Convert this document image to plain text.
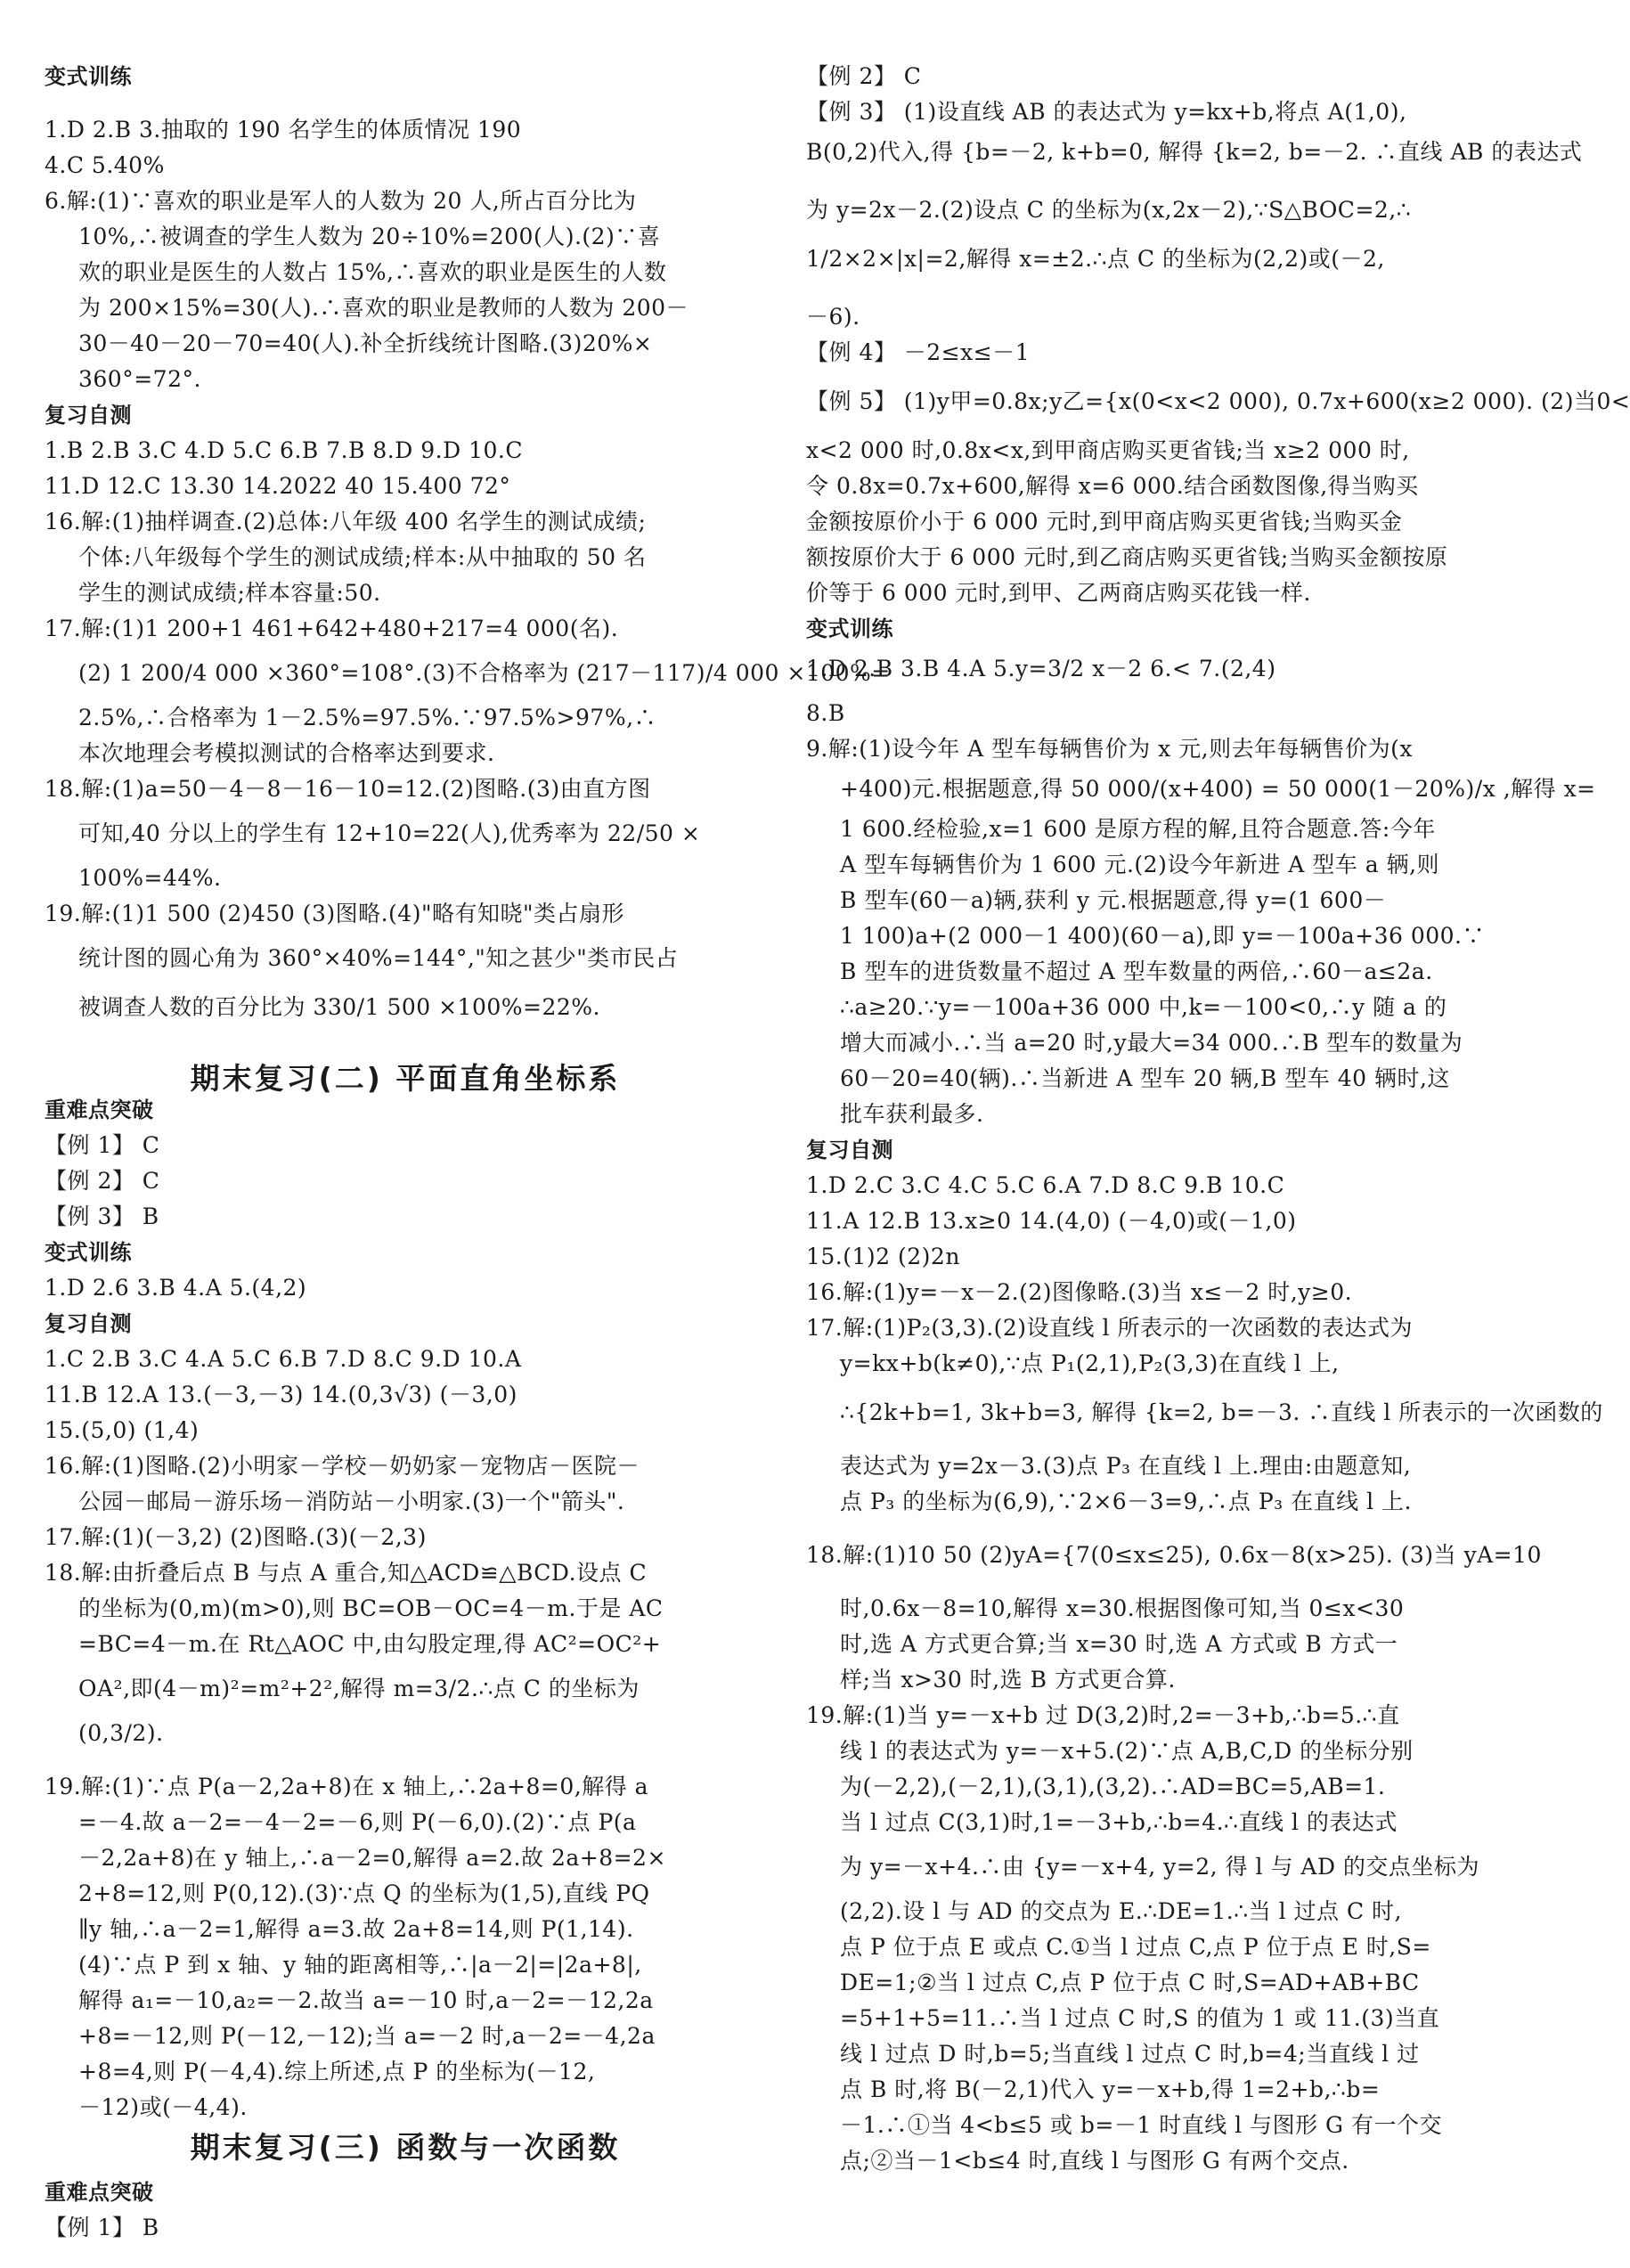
变式训练
1.D 2.B 3.抽取的 190 名学生的体质情况 190
4.C 5.40%
6.解:(1)∵喜欢的职业是军人的人数为 20 人,所占百分比为
10%,∴被调查的学生人数为 20÷10%=200(人).(2)∵喜
欢的职业是医生的人数占 15%,∴喜欢的职业是医生的人数
为 200×15%=30(人).∴喜欢的职业是教师的人数为 200－
30－40－20－70=40(人).补全折线统计图略.(3)20%×
360°=72°.
复习自测
1.B 2.B 3.C 4.D 5.C 6.B 7.B 8.D 9.D 10.C
11.D 12.C 13.30 14.2022 40 15.400 72°
16.解:(1)抽样调查.(2)总体:八年级 400 名学生的测试成绩;
个体:八年级每个学生的测试成绩;样本:从中抽取的 50 名
学生的测试成绩;样本容量:50.
17.解:(1)1 200+1 461+642+480+217=4 000(名).
(2) 1 200/4 000 ×360°=108°.(3)不合格率为 (217－117)/4 000 ×100%=
2.5%,∴合格率为 1－2.5%=97.5%.∵97.5%>97%,∴
本次地理会考模拟测试的合格率达到要求.
18.解:(1)a=50－4－8－16－10=12.(2)图略.(3)由直方图
可知,40 分以上的学生有 12+10=22(人),优秀率为 22/50 ×
100%=44%.
19.解:(1)1 500 (2)450 (3)图略.(4)"略有知晓"类占扇形
统计图的圆心角为 360°×40%=144°,"知之甚少"类市民占
被调查人数的百分比为 330/1 500 ×100%=22%.
期末复习(二) 平面直角坐标系
重难点突破
【例 1】 C
【例 2】 C
【例 3】 B
变式训练
1.D 2.6 3.B 4.A 5.(4,2)
复习自测
1.C 2.B 3.C 4.A 5.C 6.B 7.D 8.C 9.D 10.A
11.B 12.A 13.(－3,－3) 14.(0,3√3) (－3,0)
15.(5,0) (1,4)
16.解:(1)图略.(2)小明家－学校－奶奶家－宠物店－医院－
公园－邮局－游乐场－消防站－小明家.(3)一个"箭头".
17.解:(1)(－3,2) (2)图略.(3)(－2,3)
18.解:由折叠后点 B 与点 A 重合,知△ACD≌△BCD.设点 C
的坐标为(0,m)(m>0),则 BC=OB－OC=4－m.于是 AC
=BC=4－m.在 Rt△AOC 中,由勾股定理,得 AC²=OC²+
OA²,即(4－m)²=m²+2²,解得 m=3/2.∴点 C 的坐标为
(0,3/2).
19.解:(1)∵点 P(a－2,2a+8)在 x 轴上,∴2a+8=0,解得 a
=－4.故 a－2=－4－2=－6,则 P(－6,0).(2)∵点 P(a
－2,2a+8)在 y 轴上,∴a－2=0,解得 a=2.故 2a+8=2×
2+8=12,则 P(0,12).(3)∵点 Q 的坐标为(1,5),直线 PQ
∥y 轴,∴a－2=1,解得 a=3.故 2a+8=14,则 P(1,14).
(4)∵点 P 到 x 轴、y 轴的距离相等,∴|a－2|=|2a+8|,
解得 a₁=－10,a₂=－2.故当 a=－10 时,a－2=－12,2a
+8=－12,则 P(－12,－12);当 a=－2 时,a－2=－4,2a
+8=4,则 P(－4,4).综上所述,点 P 的坐标为(－12,
－12)或(－4,4).
期末复习(三) 函数与一次函数
重难点突破
【例 1】 B
【例 2】 C
【例 3】 (1)设直线 AB 的表达式为 y=kx+b,将点 A(1,0),
B(0,2)代入,得 {b=－2, k+b=0, 解得 {k=2, b=－2. ∴直线 AB 的表达式
为 y=2x－2.(2)设点 C 的坐标为(x,2x－2),∵S△BOC=2,∴
1/2×2×|x|=2,解得 x=±2.∴点 C 的坐标为(2,2)或(－2,
－6).
【例 4】 －2≤x≤－1
【例 5】 (1)y甲=0.8x;y乙={x(0<x<2 000), 0.7x+600(x≥2 000). (2)当0<
x<2 000 时,0.8x<x,到甲商店购买更省钱;当 x≥2 000 时,
令 0.8x=0.7x+600,解得 x=6 000.结合函数图像,得当购买
金额按原价小于 6 000 元时,到甲商店购买更省钱;当购买金
额按原价大于 6 000 元时,到乙商店购买更省钱;当购买金额按原
价等于 6 000 元时,到甲、乙两商店购买花钱一样.
变式训练
1.D 2.B 3.B 4.A 5.y=3/2 x－2 6.< 7.(2,4)
8.B
9.解:(1)设今年 A 型车每辆售价为 x 元,则去年每辆售价为(x
+400)元.根据题意,得 50 000/(x+400) = 50 000(1－20%)/x ,解得 x=
1 600.经检验,x=1 600 是原方程的解,且符合题意.答:今年
A 型车每辆售价为 1 600 元.(2)设今年新进 A 型车 a 辆,则
B 型车(60－a)辆,获利 y 元.根据题意,得 y=(1 600－
1 100)a+(2 000－1 400)(60－a),即 y=－100a+36 000.∵
B 型车的进货数量不超过 A 型车数量的两倍,∴60－a≤2a.
∴a≥20.∵y=－100a+36 000 中,k=－100<0,∴y 随 a 的
增大而减小.∴当 a=20 时,y最大=34 000.∴B 型车的数量为
60－20=40(辆).∴当新进 A 型车 20 辆,B 型车 40 辆时,这
批车获利最多.
复习自测
1.D 2.C 3.C 4.C 5.C 6.A 7.D 8.C 9.B 10.C
11.A 12.B 13.x≥0 14.(4,0) (－4,0)或(－1,0)
15.(1)2 (2)2n
16.解:(1)y=－x－2.(2)图像略.(3)当 x≤－2 时,y≥0.
17.解:(1)P₂(3,3).(2)设直线 l 所表示的一次函数的表达式为
y=kx+b(k≠0),∵点 P₁(2,1),P₂(3,3)在直线 l 上,
∴{2k+b=1, 3k+b=3, 解得 {k=2, b=－3. ∴直线 l 所表示的一次函数的
表达式为 y=2x－3.(3)点 P₃ 在直线 l 上.理由:由题意知,
点 P₃ 的坐标为(6,9),∵2×6－3=9,∴点 P₃ 在直线 l 上.
18.解:(1)10 50 (2)yA={7(0≤x≤25), 0.6x－8(x>25). (3)当 yA=10
时,0.6x－8=10,解得 x=30.根据图像可知,当 0≤x<30
时,选 A 方式更合算;当 x=30 时,选 A 方式或 B 方式一
样;当 x>30 时,选 B 方式更合算.
19.解:(1)当 y=－x+b 过 D(3,2)时,2=－3+b,∴b=5.∴直
线 l 的表达式为 y=－x+5.(2)∵点 A,B,C,D 的坐标分别
为(－2,2),(－2,1),(3,1),(3,2).∴AD=BC=5,AB=1.
当 l 过点 C(3,1)时,1=－3+b,∴b=4.∴直线 l 的表达式
为 y=－x+4.∴由 {y=－x+4, y=2, 得 l 与 AD 的交点坐标为
(2,2).设 l 与 AD 的交点为 E.∴DE=1.∴当 l 过点 C 时,
点 P 位于点 E 或点 C.①当 l 过点 C,点 P 位于点 E 时,S=
DE=1;②当 l 过点 C,点 P 位于点 C 时,S=AD+AB+BC
=5+1+5=11.∴当 l 过点 C 时,S 的值为 1 或 11.(3)当直
线 l 过点 D 时,b=5;当直线 l 过点 C 时,b=4;当直线 l 过
点 B 时,将 B(－2,1)代入 y=－x+b,得 1=2+b,∴b=
－1.∴①当 4<b≤5 或 b=－1 时直线 l 与图形 G 有一个交
点;②当－1<b≤4 时,直线 l 与图形 G 有两个交点.
